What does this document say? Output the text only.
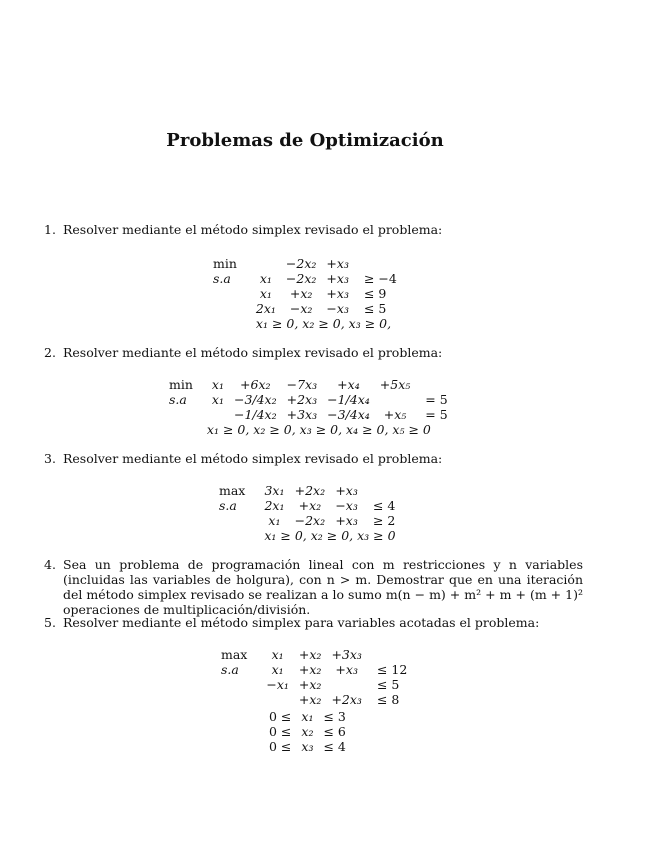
Problemas de Optimización
1. Resolver mediante el método simplex revisado el problema:
min		−2x₂	+x₃	
s.a	x₁	−2x₂	+x₃	≥ −4
	x₁	+x₂	+x₃	≤ 9
	2x₁	−x₂	−x₃	≤ 5
	x₁ ≥ 0, x₂ ≥ 0, x₃ ≥ 0,			
2. Resolver mediante el método simplex revisado el problema:
min	x₁	+6x₂	−7x₃	+x₄	+5x₅	
s.a	x₁	−3/4x₂	+2x₃	−1/4x₄		= 5
		−1/4x₂	+3x₃	−3/4x₄	+x₅	= 5
	x₁ ≥ 0, x₂ ≥ 0, x₃ ≥ 0, x₄ ≥ 0, x₅ ≥ 0					
3. Resolver mediante el método simplex revisado el problema:
max	3x₁	+2x₂	+x₃	
s.a	2x₁	+x₂	−x₃	≤ 4
	x₁	−2x₂	+x₃	≥ 2
	x₁ ≥ 0, x₂ ≥ 0, x₃ ≥ 0			
4. Sea un problema de programación lineal con m restricciones y n variables (incluidas las variables de holgura), con n > m. Demostrar que en una iteración del método simplex revisado se realizan a lo sumo m(n − m) + m² + m + (m + 1)² operaciones de multiplicación/división.
5. Resolver mediante el método simplex para variables acotadas el problema:
max	x₁	+x₂	+3x₃	
s.a	x₁	+x₂	+x₃	≤ 12
	−x₁	+x₂		≤ 5
		+x₂	+2x₃	≤ 8
0 ≤	x₁	≤ 3
0 ≤	x₂	≤ 6
0 ≤	x₃	≤ 4
